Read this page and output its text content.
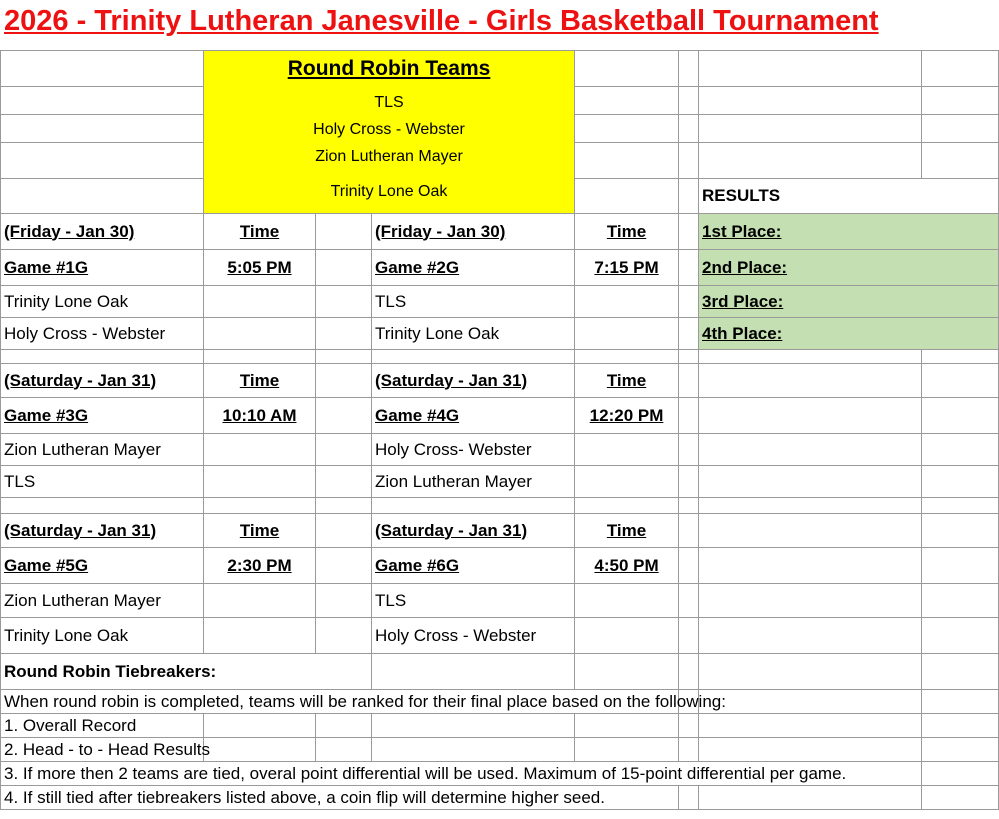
2026 - Trinity Lutheran Janesville - Girls Basketball Tournament

	Round Robin Teams
TLS
Holy Cross - Webster
Zion Lutheran Mayer
Trinity Lone Oak						

						RESULTS	
(Friday - Jan 30)	Time		(Friday - Jan 30)	Time		1st Place:	
Game #1G	5:05 PM		Game #2G	7:15 PM		2nd Place:	
Trinity Lone Oak			TLS			3rd Place:	
Holy Cross - Webster			Trinity Lone Oak			4th Place:	

(Saturday - Jan 31)	Time		(Saturday - Jan 31)	Time			
Game #3G	10:10 AM		Game #4G	12:20 PM			
Zion Lutheran Mayer			Holy Cross- Webster				
TLS			Zion Lutheran Mayer				

(Saturday - Jan 31)	Time		(Saturday - Jan 31)	Time			
Game #5G	2:30 PM		Game #6G	4:50 PM			
Zion Lutheran Mayer			TLS				
Trinity Lone Oak			Holy Cross - Webster				
Round Robin Tiebreakers:							
When round robin is completed, teams will be ranked for their final place based on the following:							
1. Overall Record							
2. Head - to - Head Results							
3. If more then 2 teams are tied, overal point differential will be used. Maximum of 15-point differential per game.							
4. If still tied after tiebreakers listed above, a coin flip will determine higher seed.							
